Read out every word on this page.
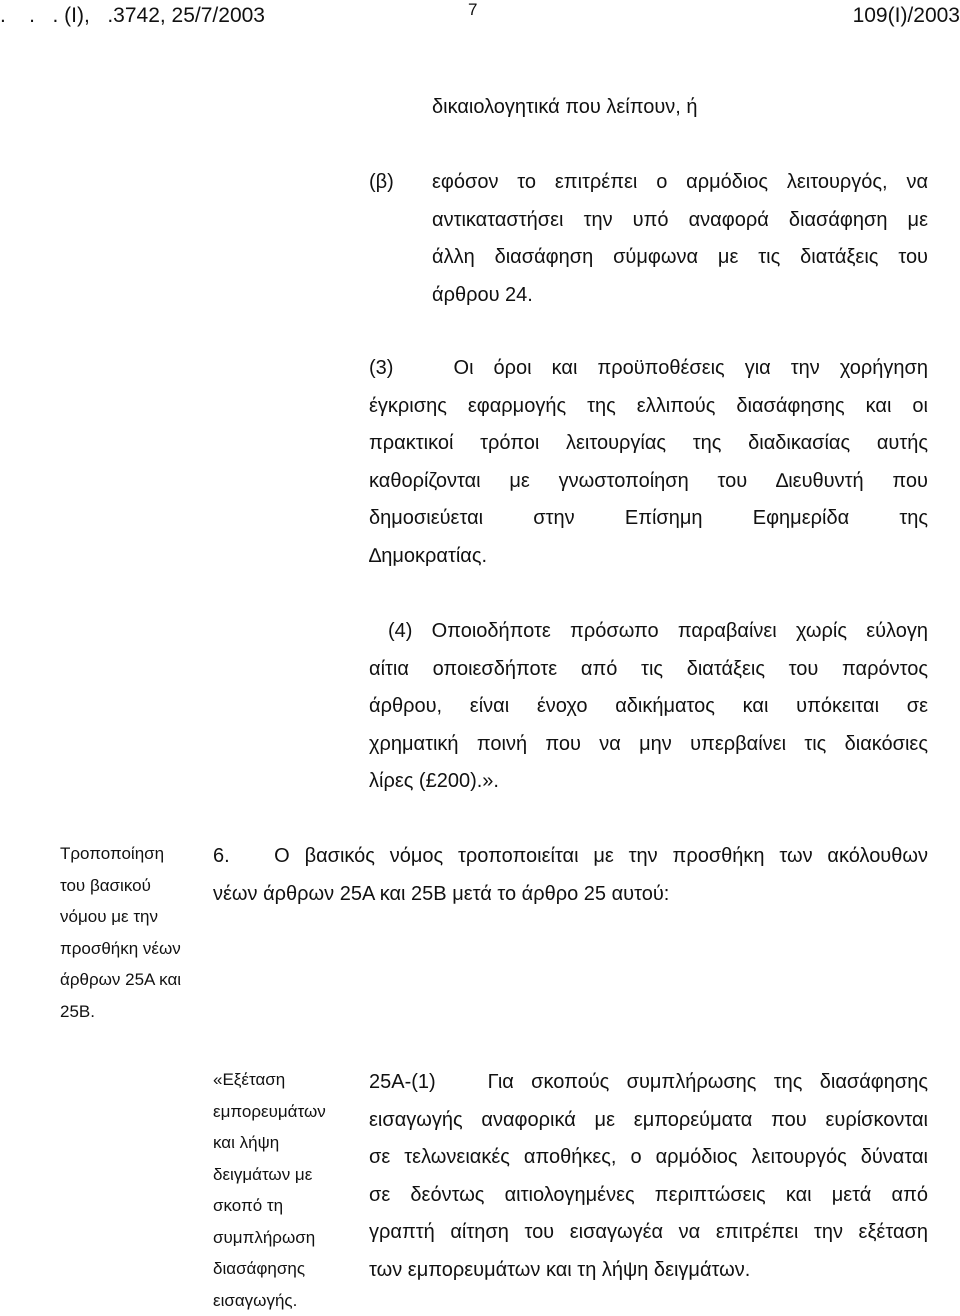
.    .   . (Ι),   .3742, 25/7/2003	7	109(Ι)/2003
δικαιολογητικά που λείπουν, ή
(β) εφόσον το επιτρέπει ο αρμόδιος λειτουργός, να
αντικαταστήσει την υπό αναφορά διασάφηση με
άλλη διασάφηση σύμφωνα με τις διατάξεις του
άρθρου 24.
(3)   Οι όροι και προϋποθέσεις για την χορήγηση
έγκρισης εφαρμογής της ελλιπούς διασάφησης και οι
πρακτικοί τρόποι λειτουργίας της διαδικασίας αυτής
καθορίζονται με γνωστοποίηση του ∆ιευθυντή που
δημοσιεύεται στην Επίσημη Εφημερίδα της
∆ημοκρατίας.
(4) Οποιοδήποτε πρόσωπο παραβαίνει χωρίς εύλογη
αίτια οποιεσδήποτε από τις διατάξεις του παρόντος
άρθρου, είναι ένοχο αδικήματος και υπόκειται σε
χρηματική ποινή που να μην υπερβαίνει τις διακόσιες
λίρες (£200).».
Τροποποίηση
του βασικού
νόμου με την
προσθήκη νέων
άρθρων 25Α και
25Β.
6.   Ο βασικός νόμος τροποποιείται με την προσθήκη των ακόλουθων
νέων άρθρων 25Α και 25Β μετά το άρθρο 25 αυτού:
«Εξέταση
εμπορευμάτων
και λήψη
δειγμάτων με
σκοπό τη
συμπλήρωση
διασάφησης
εισαγωγής.
25Α-(1)   Για σκοπούς συμπλήρωσης της διασάφησης
εισαγωγής αναφορικά με εμπορεύματα που ευρίσκονται
σε τελωνειακές αποθήκες, ο αρμόδιος λειτουργός δύναται
σε δεόντως αιτιολογημένες περιπτώσεις και μετά από
γραπτή αίτηση του εισαγωγέα να επιτρέπει την εξέταση
των εμπορευμάτων και τη λήψη δειγμάτων.
